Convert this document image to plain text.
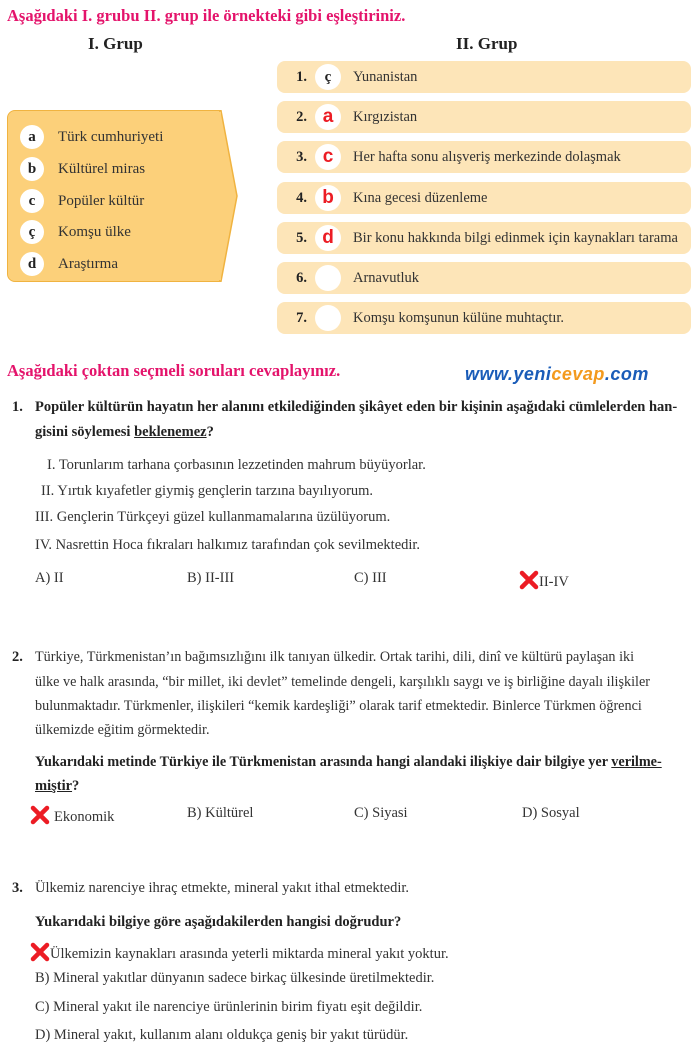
Aşağıdaki I. grubu II. grup ile örnekteki gibi eşleştiriniz.
I. Grup	II. Grup
a	Türk cumhuriyeti
b	Kültürel miras
c	Popüler kültür
ç	Komşu ülke
d	Araştırma
1.	ç	Yunanistan
2. a	Kırgızistan
3. c	Her hafta sonu alışveriş merkezinde dolaşmak
4. b	Kına gecesi düzenleme
5. d	Bir konu hakkında bilgi edinmek için kaynakları tarama
6.	Arnavutluk
7.	Komşu komşunun külüne muhtaçtır.
Aşağıdaki çoktan seçmeli soruları cevaplayınız.	www.yenicevap.com
1. Popüler kültürün hayatın her alanını etkilediğinden şikâyet eden bir kişinin aşağıdaki cümlelerden han-
gisini söylemesi beklenemez?
I. Torunlarım tarhana çorbasının lezzetinden mahrum büyüyorlar.
II. Yırtık kıyafetler giymiş gençlerin tarzına bayılıyorum.
III. Gençlerin Türkçeyi güzel kullanmamalarına üzülüyorum.
IV. Nasrettin Hoca fıkraları halkımız tarafından çok sevilmektedir.
A) II	B) II-III	C) III	II-IV
2. Türkiye, Türkmenistan’ın bağımsızlığını ilk tanıyan ülkedir. Ortak tarihi, dili, dinî ve kültürü paylaşan iki
ülke ve halk arasında, “bir millet, iki devlet” temelinde dengeli, karşılıklı saygı ve iş birliğine dayalı ilişkiler
bulunmaktadır. Türkmenler, ilişkileri “kemik kardeşliği” olarak tarif etmektedir. Binlerce Türkmen öğrenci
ülkemizde eğitim görmektedir.
Yukarıdaki metinde Türkiye ile Türkmenistan arasında hangi alandaki ilişkiye dair bilgiye yer verilme-
miştir?
Ekonomik	B) Kültürel	C) Siyasi	D) Sosyal
3. Ülkemiz narenciye ihraç etmekte, mineral yakıt ithal etmektedir.
Yukarıdaki bilgiye göre aşağıdakilerden hangisi doğrudur?
Ülkemizin kaynakları arasında yeterli miktarda mineral yakıt yoktur.
B) Mineral yakıtlar dünyanın sadece birkaç ülkesinde üretilmektedir.
C) Mineral yakıt ile narenciye ürünlerinin birim fiyatı eşit değildir.
D) Mineral yakıt, kullanım alanı oldukça geniş bir yakıt türüdür.
